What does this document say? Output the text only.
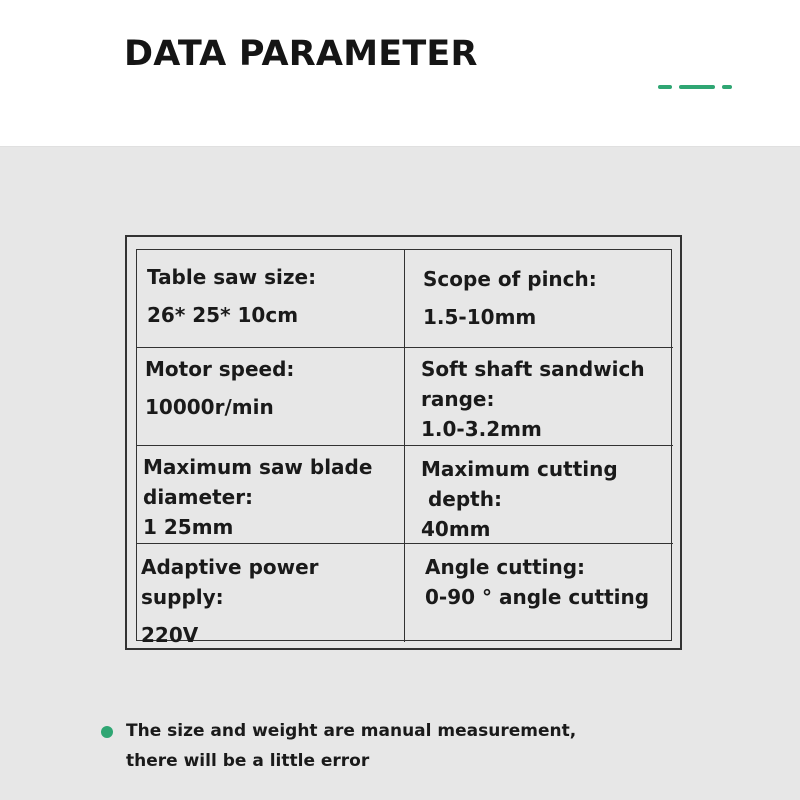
DATA PARAMETER
Table saw size:
26* 25* 10cm
Scope of pinch:
1.5-10mm
Motor speed:
10000r/min
Soft shaft sandwich
range:
1.0-3.2mm
Maximum saw blade
diameter:
1 25mm
Maximum cutting
depth:
40mm
Adaptive power supply:
220V
Angle cutting:
0-90 ° angle cutting
The size and weight are manual measurement,
there will be a little error
